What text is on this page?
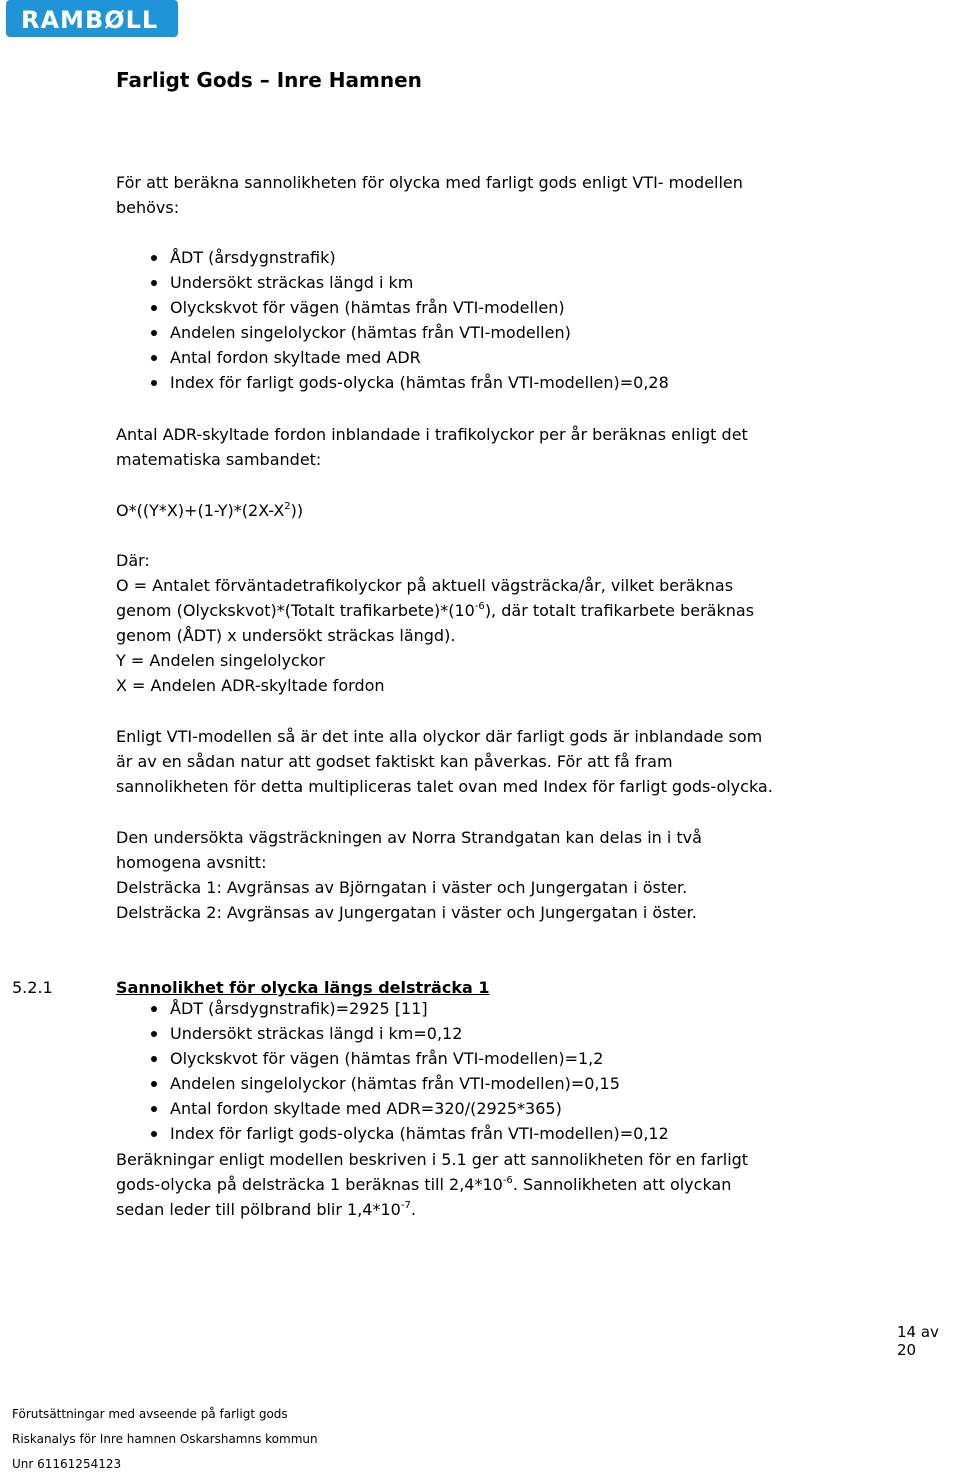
RAMBØLL
Farligt Gods – Inre Hamnen
För att beräkna sannolikheten för olycka med farligt gods enligt VTI- modellen
behövs:
ÅDT (årsdygnstrafik)
Undersökt sträckas längd i km
Olyckskvot för vägen (hämtas från VTI-modellen)
Andelen singelolyckor (hämtas från VTI-modellen)
Antal fordon skyltade med ADR
Index för farligt gods-olycka (hämtas från VTI-modellen)=0,28
Antal ADR-skyltade fordon inblandade i trafikolyckor per år beräknas enligt det
matematiska sambandet:
$O*((Y*X)+(1-Y)*(2X-X^2))$
Där:
O = Antalet förväntadetrafikolyckor på aktuell vägsträcka/år, vilket beräknas
genom (Olyckskvot)*(Totalt $trafikarbete)*(10^{-6})$, där totalt trafikarbete beräknas
genom (ÅDT) x undersökt sträckas längd).
Y = Andelen singelolyckor
X = Andelen ADR-skyltade fordon
Enligt VTI-modellen så är det inte alla olyckor där farligt gods är inblandade som
är av en sådan natur att godset faktiskt kan påverkas. För att få fram
sannolikheten för detta multipliceras talet ovan med Index för farligt gods-olycka.
Den undersökta vägsträckningen av Norra Strandgatan kan delas in i två
homogena avsnitt:
Delsträcka 1: Avgränsas av Björngatan i väster och Jungergatan i öster.
Delsträcka 2: Avgränsas av Jungergatan i väster och Jungergatan i öster.
5.2.1	Sannolikhet för olycka längs delsträcka 1
ÅDT (årsdygnstrafik)=2925 [11]
Undersökt sträckas längd i km=0,12
Olyckskvot för vägen (hämtas från VTI-modellen)=1,2
Andelen singelolyckor (hämtas från VTI-modellen)=0,15
Antal fordon skyltade med ADR=320/(2925*365)
Index för farligt gods-olycka (hämtas från VTI-modellen)=0,12
Beräkningar enligt modellen beskriven i 5.1 ger att sannolikheten för en farligt
gods-olycka på delsträcka 1 beräknas till $2,4*10^{-6}$. Sannolikheten att olyckan
sedan leder till pölbrand blir $1,4*10^{-7}$.
14 av 20
Förutsättningar med avseende på farligt gods
Riskanalys för Inre hamnen Oskarshamns kommun
Unr 61161254123
